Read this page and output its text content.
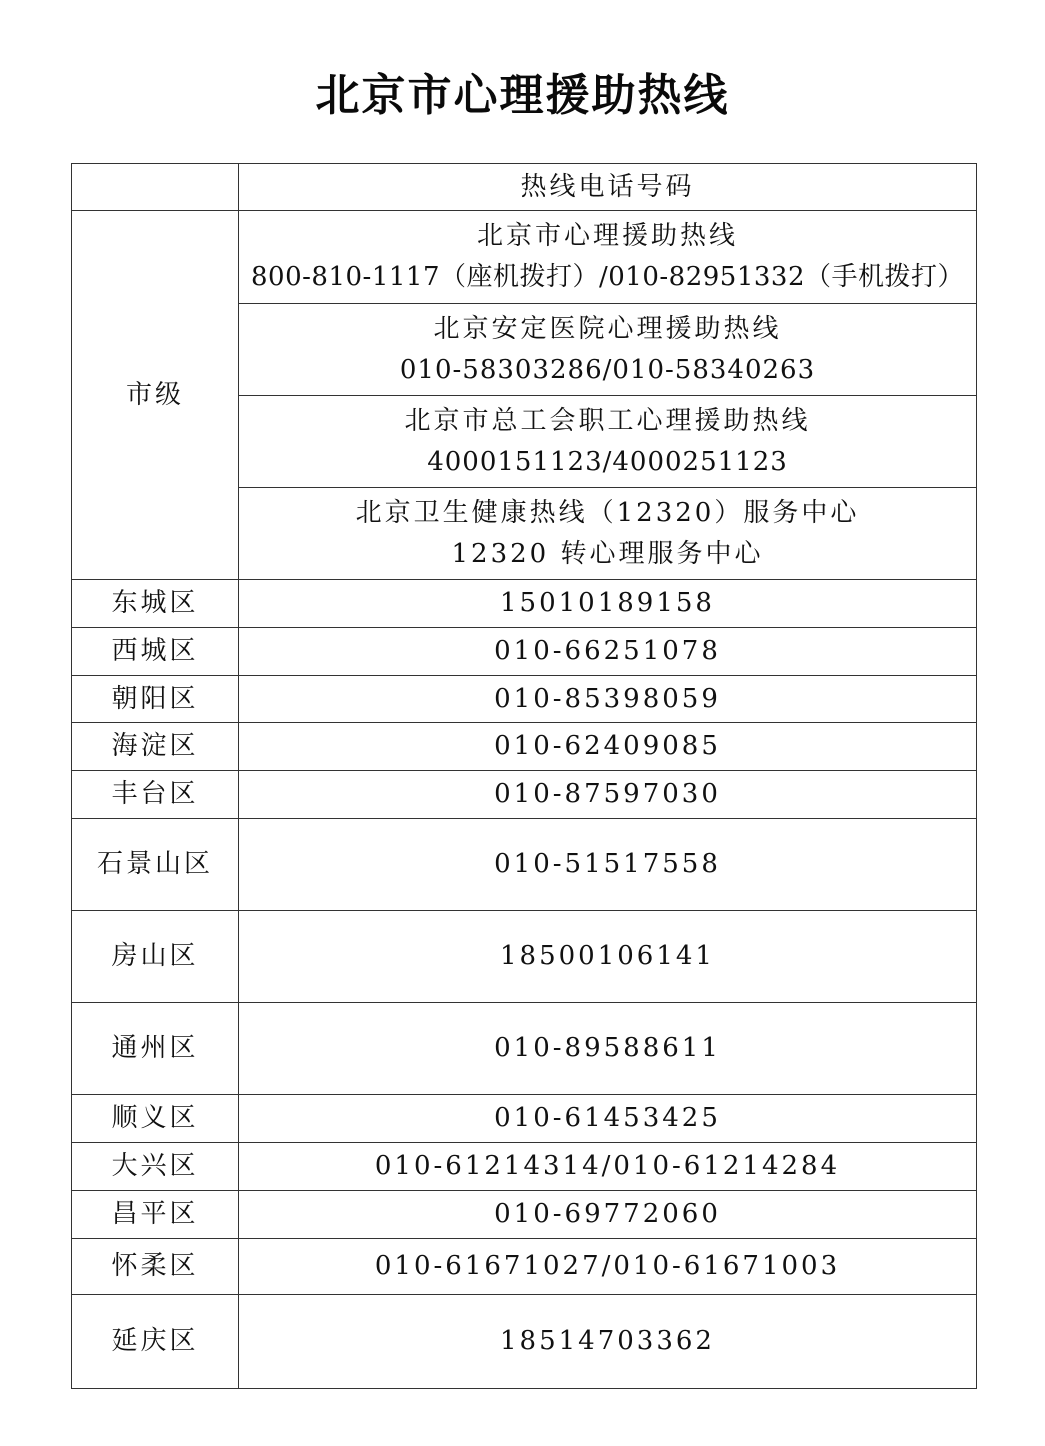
北京市心理援助热线
	热线电话号码
市级	北京市心理援助热线
800-810-1117（座机拨打）/010-82951332（手机拨打）

	北京安定医院心理援助热线
010-58303286/010-58340263

	北京市总工会职工心理援助热线
4000151123/4000251123

	北京卫生健康热线（12320）服务中心
12320 转心理服务中心

东城区	15010189158
西城区	010-66251078
朝阳区	010-85398059
海淀区	010-62409085
丰台区	010-87597030
石景山区	010-51517558
房山区	18500106141
通州区	010-89588611
顺义区	010-61453425
大兴区	010-61214314/010-61214284
昌平区	010-69772060
怀柔区	010-61671027/010-61671003
延庆区	18514703362
